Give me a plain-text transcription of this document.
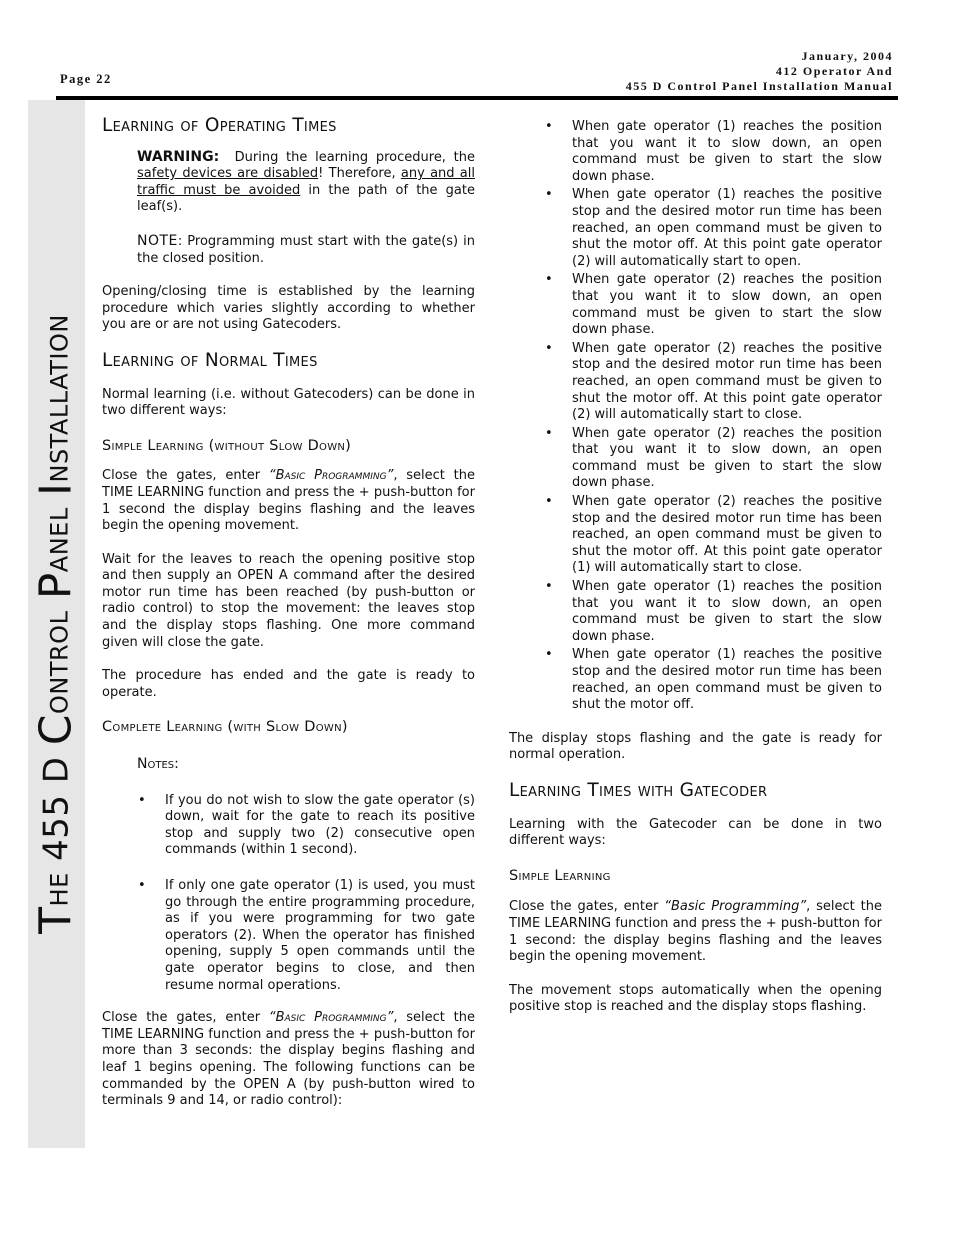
Page 22
January, 2004
412 Operator And
455 D Control Panel Installation Manual
T
he 455 D
C
ontrol
P
anel
I
nstallation
Learning of Operating Times

WARNING: During the learning procedure, the safety devices are disabled! Therefore, any and all traffic must be avoided in the path of the gate leaf(s).

NOTE: Programming must start with the gate(s) in the closed position.

Opening/closing time is established by the learning procedure which varies slightly according to whether you are or are not using Gatecoders.

Learning of Normal Times

Normal learning (i.e. without Gatecoders) can be done in two different ways:

Simple Learning (without Slow Down)

Close the gates, enter “Basic Programming”, select the TIME LEARNING function and press the + push-button for 1 second the display begins flashing and the leaves begin the opening movement.

Wait for the leaves to reach the opening positive stop and then supply an OPEN A command after the desired motor run time has been reached (by push-button or radio control) to stop the movement: the leaves stop and the display stops flashing. One more command given will close the gate.

The procedure has ended and the gate is ready to operate.

Complete Learning (with Slow Down)

Notes:

• If you do not wish to slow the gate operator (s) down, wait for the gate to reach its positive stop and supply two (2) consecutive open commands (within 1 second).
• If only one gate operator (1) is used, you must go through the entire programming procedure, as if you were programming for two gate operators (2). When the operator has finished opening, supply 5 open commands until the gate operator begins to close, and then resume normal operations.

Close the gates, enter “Basic Programming”, select the TIME LEARNING function and press the + push-button for more than 3 seconds: the display begins flashing and leaf 1 begins opening. The following functions can be commanded by the OPEN A (by push-button wired to terminals 9 and 14, or radio control):

• When gate operator (1) reaches the position that you want it to slow down, an open command must be given to start the slow down phase.
• When gate operator (1) reaches the positive stop and the desired motor run time has been reached, an open command must be given to shut the motor off. At this point gate operator (2) will automatically start to open.
• When gate operator (2) reaches the position that you want it to slow down, an open command must be given to start the slow down phase.
• When gate operator (2) reaches the positive stop and the desired motor run time has been reached, an open command must be given to shut the motor off. At this point gate operator (2) will automatically start to close.
• When gate operator (2) reaches the position that you want it to slow down, an open command must be given to start the slow down phase.
• When gate operator (2) reaches the positive stop and the desired motor run time has been reached, an open command must be given to shut the motor off. At this point gate operator (1) will automatically start to close.
• When gate operator (1) reaches the position that you want it to slow down, an open command must be given to start the slow down phase.
• When gate operator (1) reaches the positive stop and the desired motor run time has been reached, an open command must be given to shut the motor off.

The display stops flashing and the gate is ready for normal operation.

Learning Times with Gatecoder

Learning with the Gatecoder can be done in two different ways:

Simple Learning

Close the gates, enter “Basic Programming”, select the TIME LEARNING function and press the + push-button for 1 second: the display begins flashing and the leaves begin the opening movement.

The movement stops automatically when the opening positive stop is reached and the display stops flashing.
